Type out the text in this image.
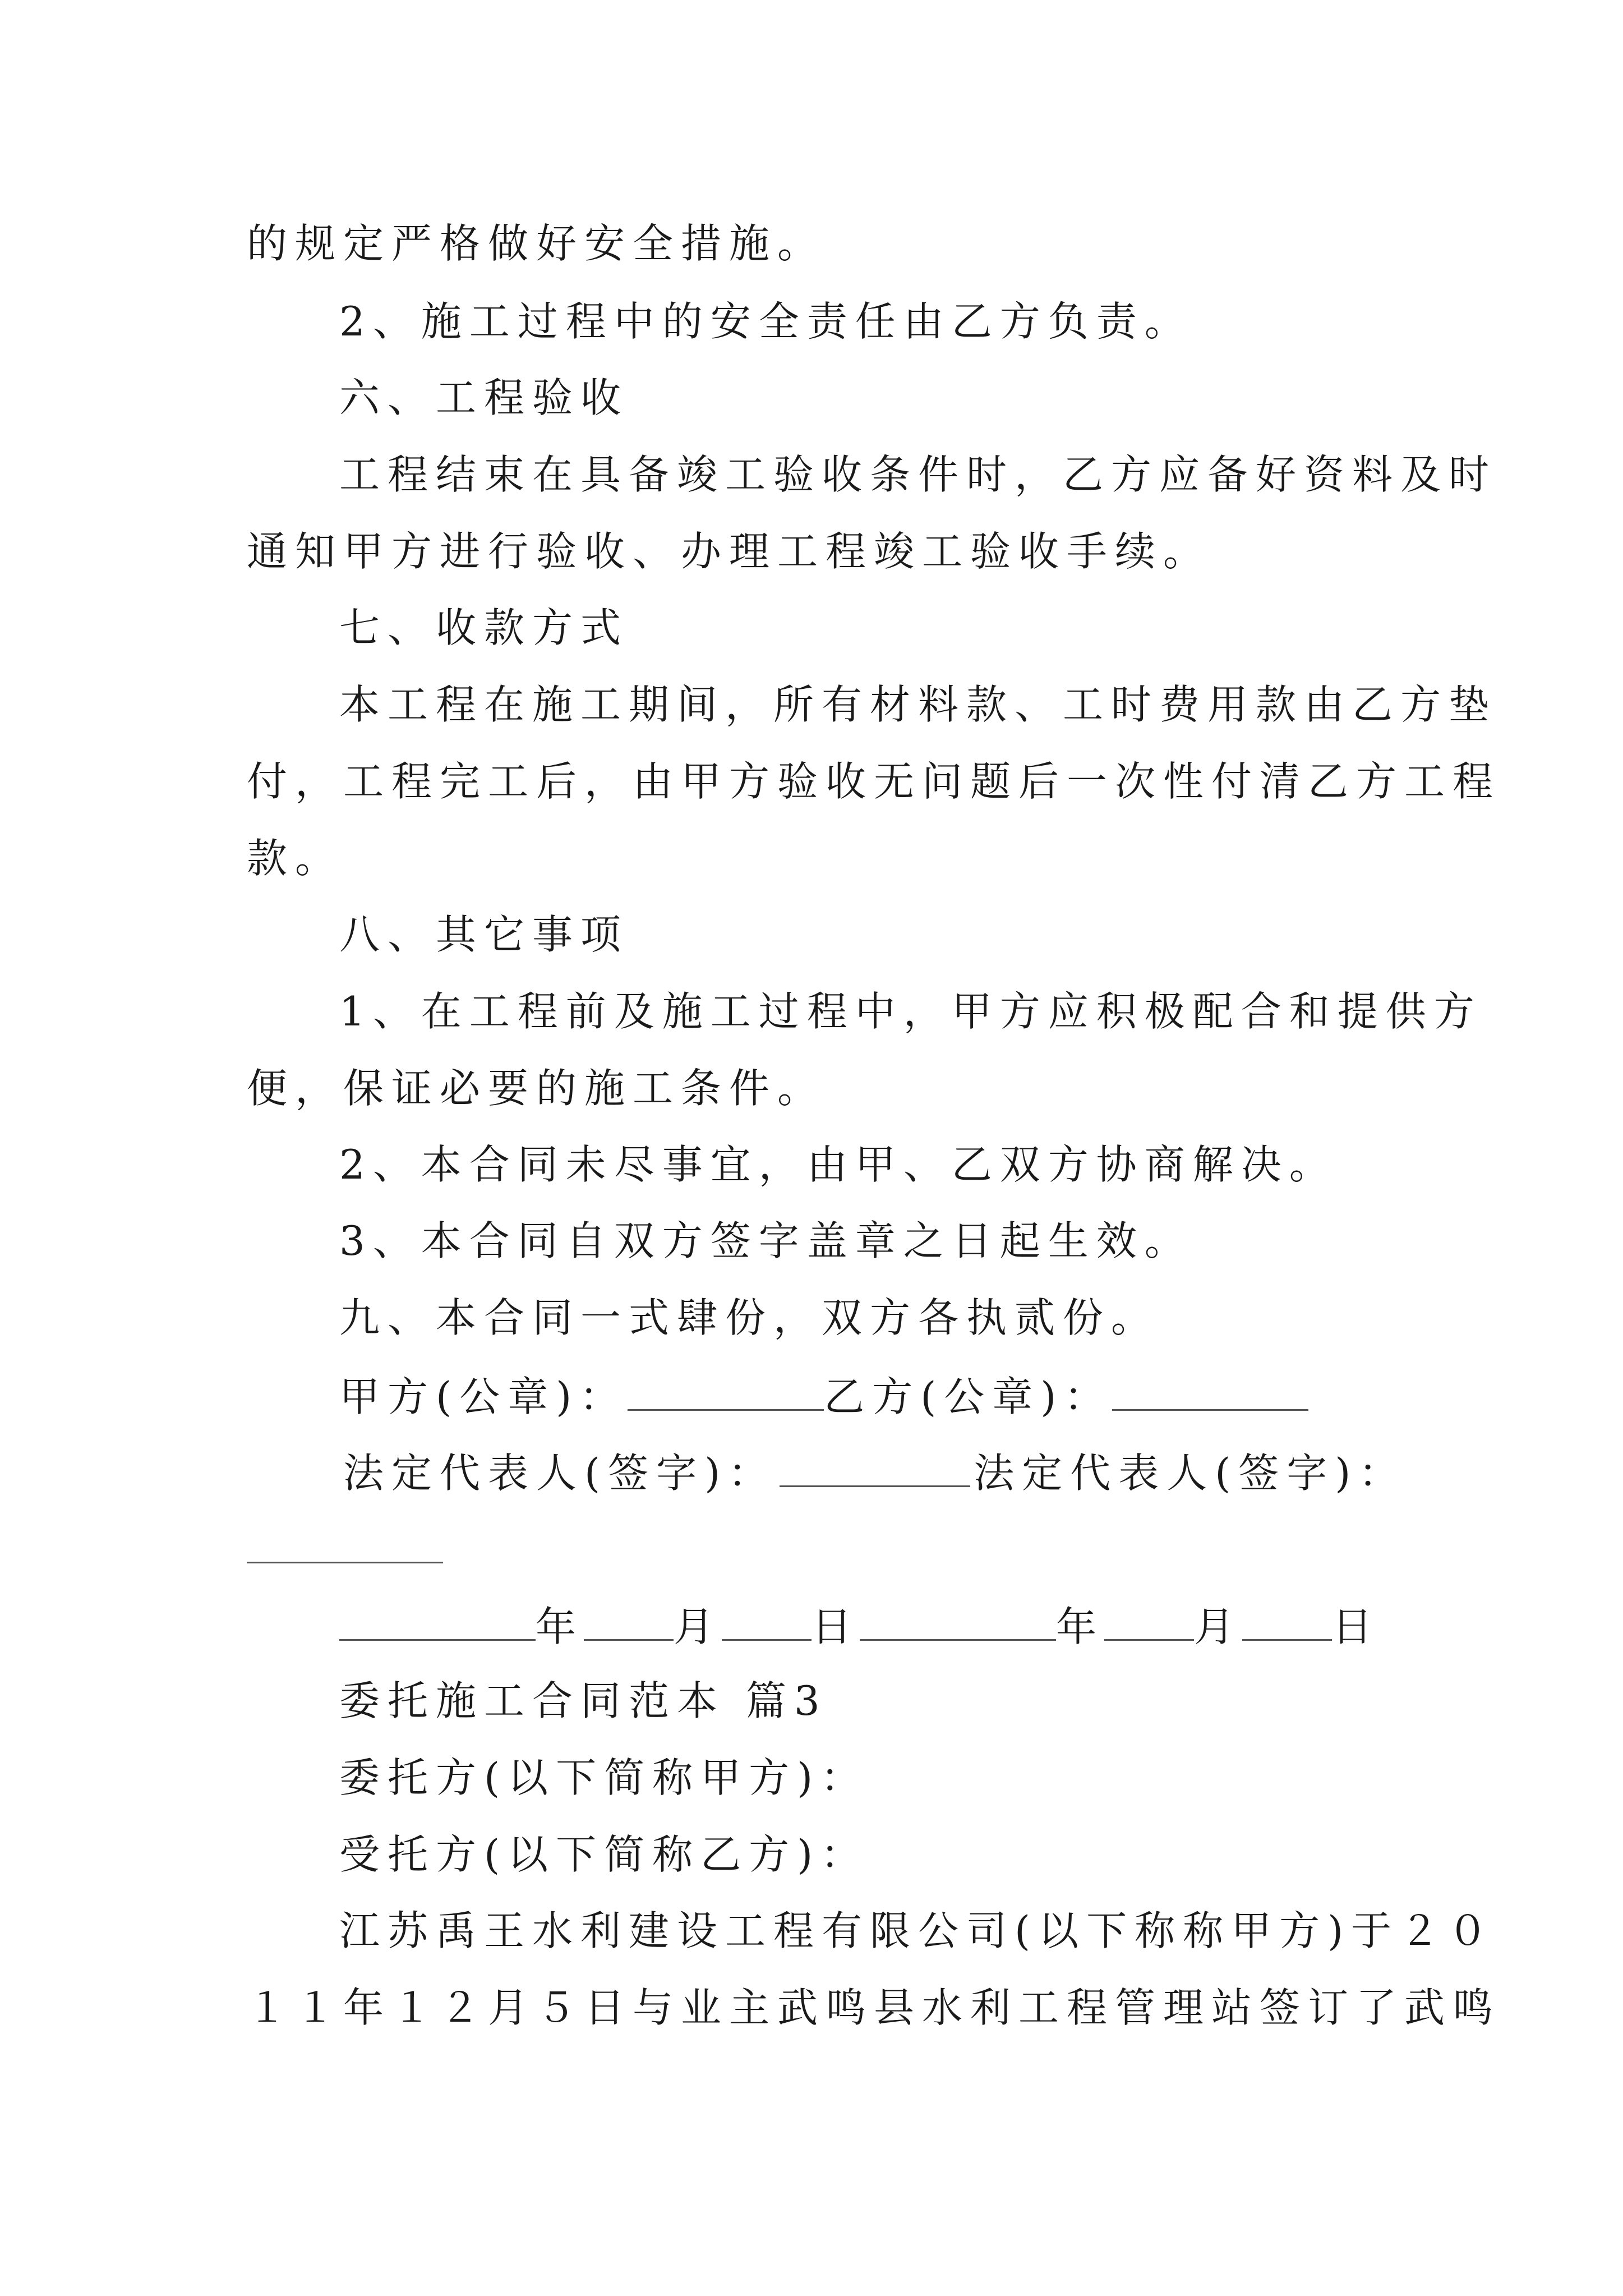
的规定严格做好安全措施。
2、施工过程中的安全责任由乙方负责。
六、工程验收
工程结束在具备竣工验收条件时，乙方应备好资料及时
通知甲方进行验收、办理工程竣工验收手续。
七、收款方式
本工程在施工期间，所有材料款、工时费用款由乙方垫
付，工程完工后，由甲方验收无问题后一次性付清乙方工程
款。
八、其它事项
1、在工程前及施工过程中，甲方应积极配合和提供方
便，保证必要的施工条件。
2、本合同未尽事宜，由甲、乙双方协商解决。
3、本合同自双方签字盖章之日起生效。
九、本合同一式肆份，双方各执贰份。
甲方(公章)：	乙方(公章)：
法定代表人(签字)：	法定代表人(签字)：
年 月 日	年 月 日
委托施工合同范本 篇3
委托方(以下简称甲方)：
受托方(以下简称乙方)：
江苏禹王水利建设工程有限公司(以下称称甲方)于２０
１１年１２月５日与业主武鸣县水利工程管理站签订了武鸣
